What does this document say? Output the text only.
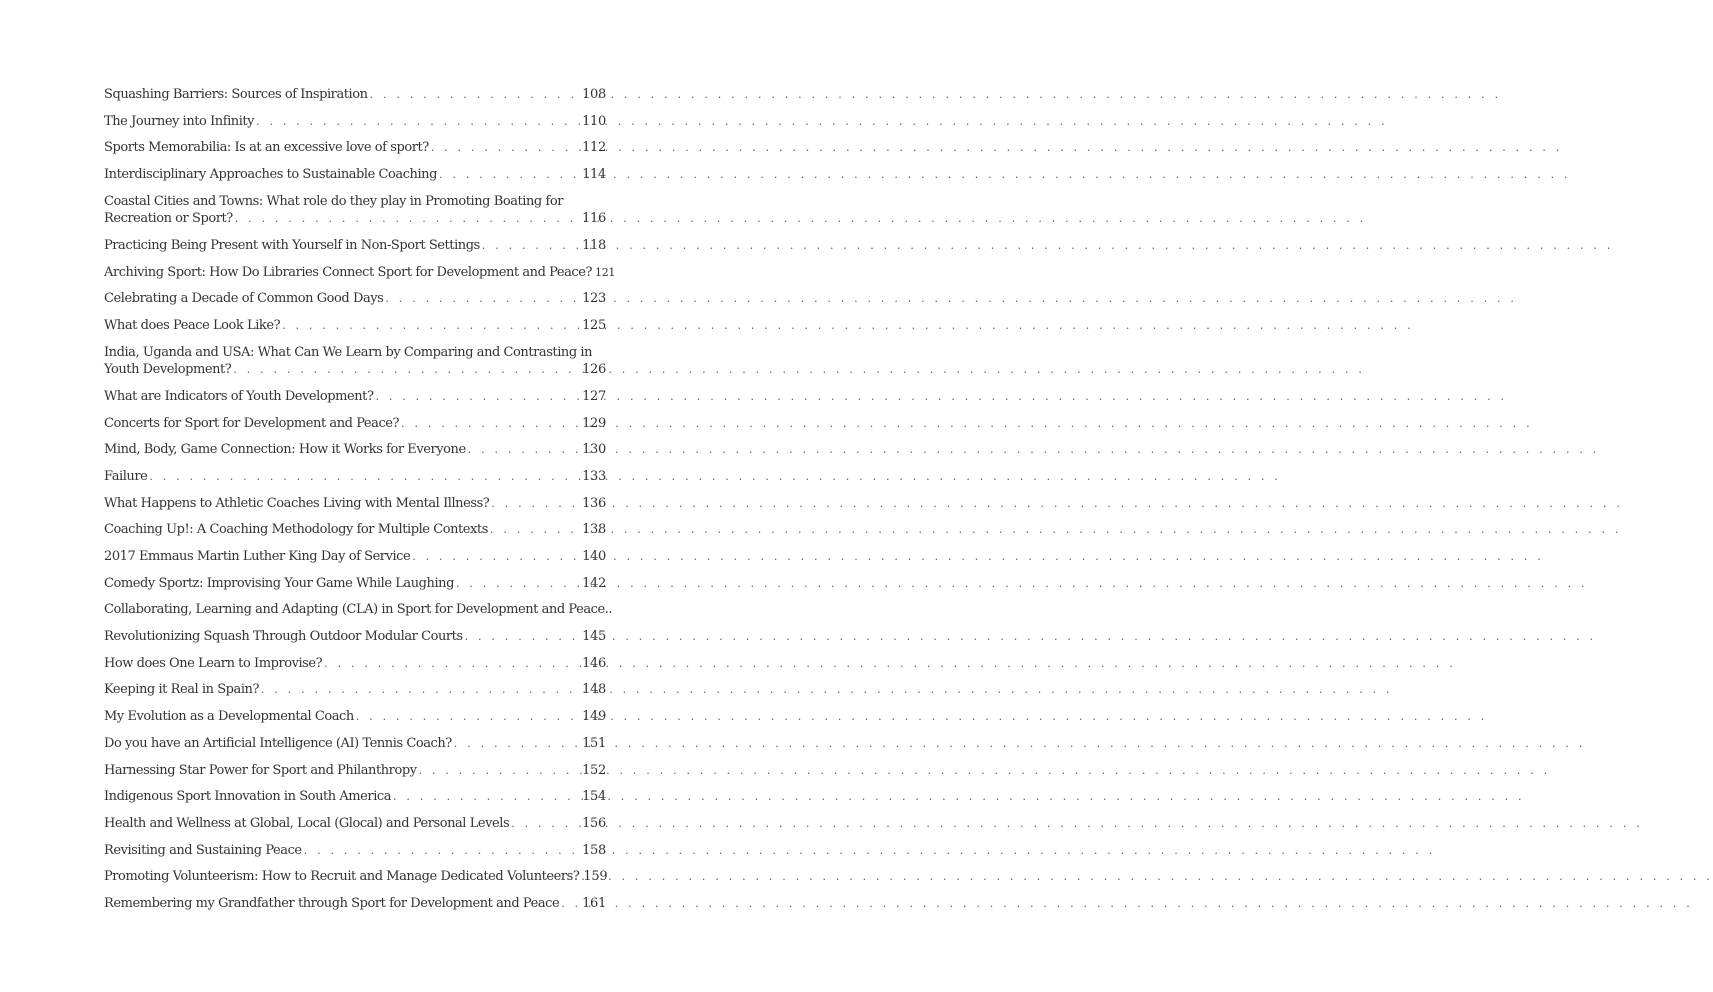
Squashing Barriers: Sources of Inspiration . . .	108
The Journey into Infinity . . .	110
Sports Memorabilia: Is at an excessive love of sport? . . .	112
Interdisciplinary Approaches to Sustainable Coaching . . .	114
Coastal Cities and Towns: What role do they play in Promoting Boating for
Recreation or Sport? . . .	116
Practicing Being Present with Yourself in Non-Sport Settings . . .	118
Archiving Sport: How Do Libraries Connect Sport for Development and Peace? 121
Celebrating a Decade of Common Good Days . . .	123
What does Peace Look Like? . . .	125
India, Uganda and USA: What Can We Learn by Comparing and Contrasting in
Youth Development? . . .	126
What are Indicators of Youth Development? . . .	127
Concerts for Sport for Development and Peace? . . .	129
Mind, Body, Game Connection: How it Works for Everyone . . .	130
Failure . . .	133
What Happens to Athletic Coaches Living with Mental Illness? . . .	136
Coaching Up!: A Coaching Methodology for Multiple Contexts . . .	138
2017 Emmaus Martin Luther King Day of Service . . .	140
Comedy Sportz: Improvising Your Game While Laughing . . .	142
Collaborating, Learning and Adapting (CLA) in Sport for Development and Peace..
Revolutionizing Squash Through Outdoor Modular Courts . . .	145
How does One Learn to Improvise? . . .	146
Keeping it Real in Spain? . . .	148
My Evolution as a Developmental Coach . . .	149
Do you have an Artificial Intelligence (AI) Tennis Coach? . . .	151
Harnessing Star Power for Sport and Philanthropy . . .	152
Indigenous Sport Innovation in South America . . .	154
Health and Wellness at Global, Local (Glocal) and Personal Levels . . .	156
Revisiting and Sustaining Peace . . .	158
Promoting Volunteerism: How to Recruit and Manage Dedicated Volunteers? 159
Remembering my Grandfather through Sport for Development and Peace . . . 161
